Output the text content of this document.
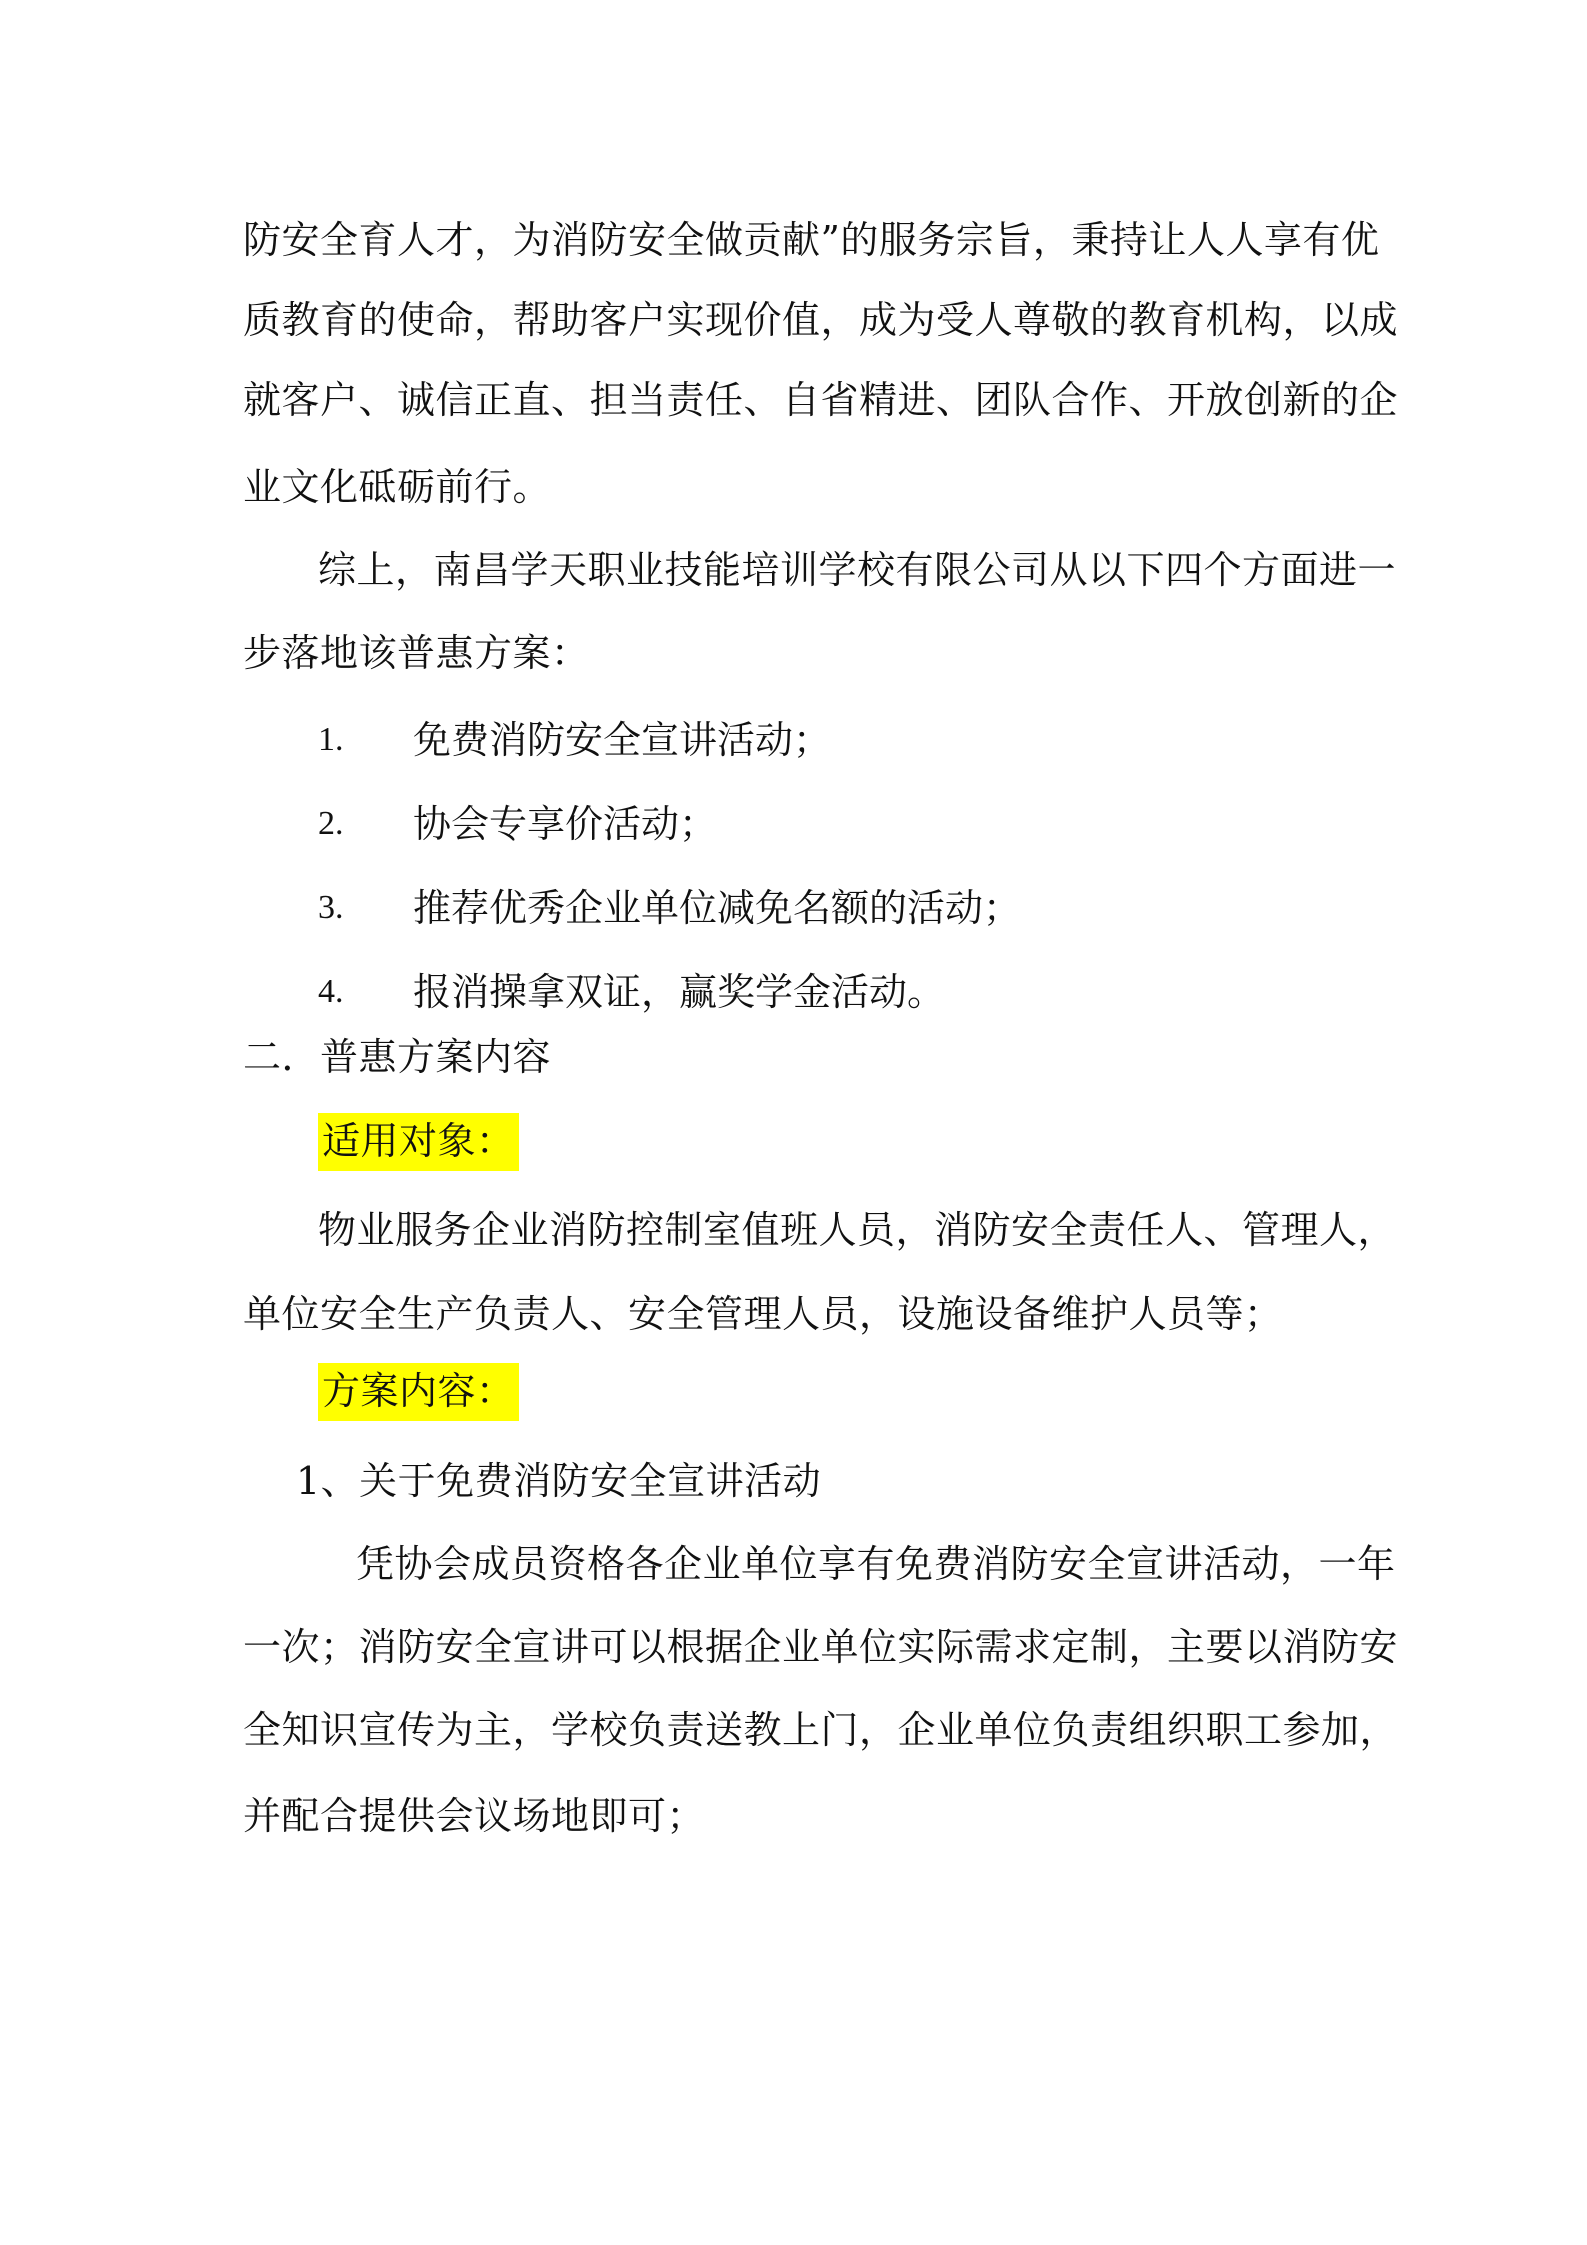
防安全育人才，为消防安全做贡献”的服务宗旨，秉持让人人享有优
质教育的使命，帮助客户实现价值，成为受人尊敬的教育机构，以成
就客户、诚信正直、担当责任、自省精进、团队合作、开放创新的企
业文化砥砺前行。
综上，南昌学天职业技能培训学校有限公司从以下四个方面进一
步落地该普惠方案：
1. 免费消防安全宣讲活动；
2. 协会专享价活动；
3. 推荐优秀企业单位减免名额的活动；
4. 报消操拿双证，赢奖学金活动。
二．普惠方案内容
适用对象：
物业服务企业消防控制室值班人员，消防安全责任人、管理人，
单位安全生产负责人、安全管理人员，设施设备维护人员等；
方案内容：
1、关于免费消防安全宣讲活动
凭协会成员资格各企业单位享有免费消防安全宣讲活动，一年
一次；消防安全宣讲可以根据企业单位实际需求定制，主要以消防安
全知识宣传为主，学校负责送教上门，企业单位负责组织职工参加，
并配合提供会议场地即可；
